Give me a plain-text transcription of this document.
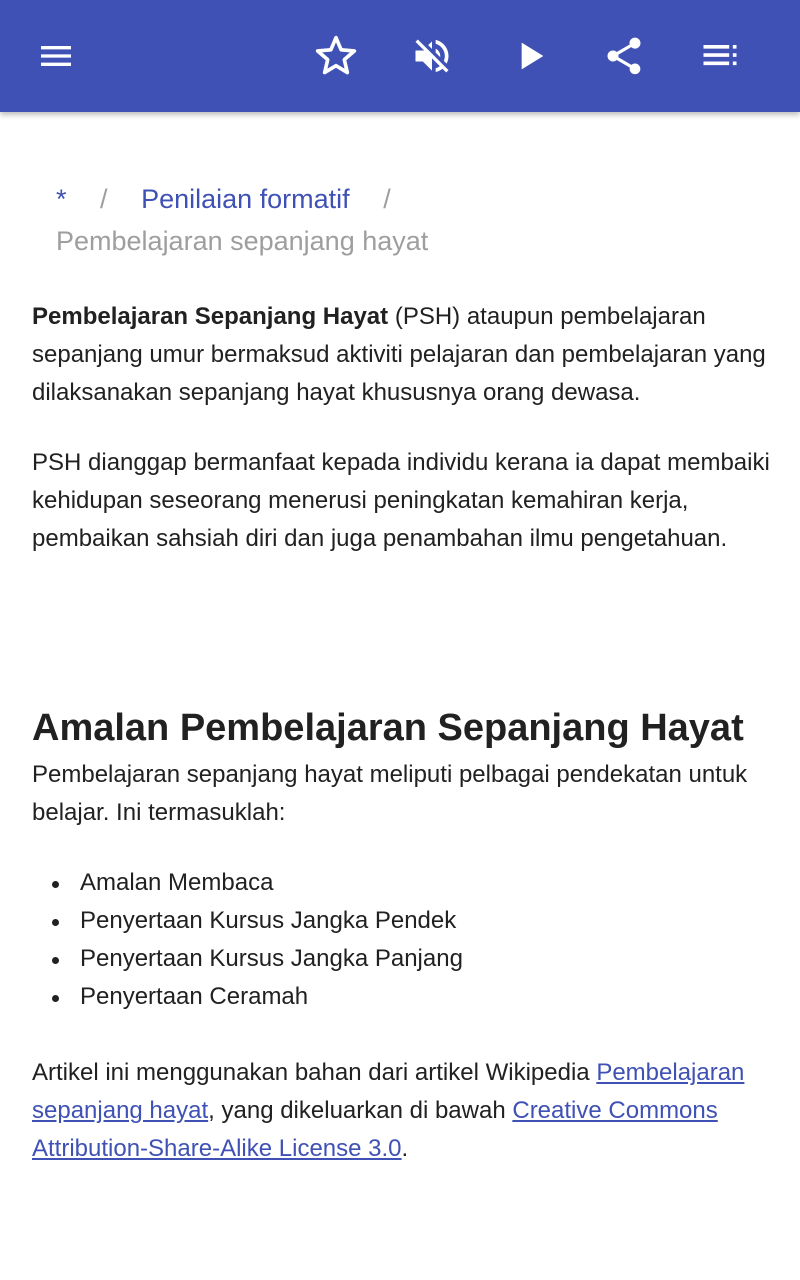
* / Penilaian formatif /
Pembelajaran sepanjang hayat

Pembelajaran Sepanjang Hayat (PSH) ataupun pembelajaran sepanjang umur bermaksud aktiviti pelajaran dan pembelajaran yang dilaksanakan sepanjang hayat khususnya orang dewasa.

PSH dianggap bermanfaat kepada individu kerana ia dapat membaiki kehidupan seseorang menerusi peningkatan kemahiran kerja, pembaikan sahsiah diri dan juga penambahan ilmu pengetahuan.

Amalan Pembelajaran Sepanjang Hayat

Pembelajaran sepanjang hayat meliputi pelbagai pendekatan untuk belajar. Ini termasuklah:

Amalan Membaca
Penyertaan Kursus Jangka Pendek
Penyertaan Kursus Jangka Panjang
Penyertaan Ceramah

Artikel ini menggunakan bahan dari artikel Wikipedia Pembelajaran sepanjang hayat, yang dikeluarkan di bawah Creative Commons Attribution-Share-Alike License 3.0.
